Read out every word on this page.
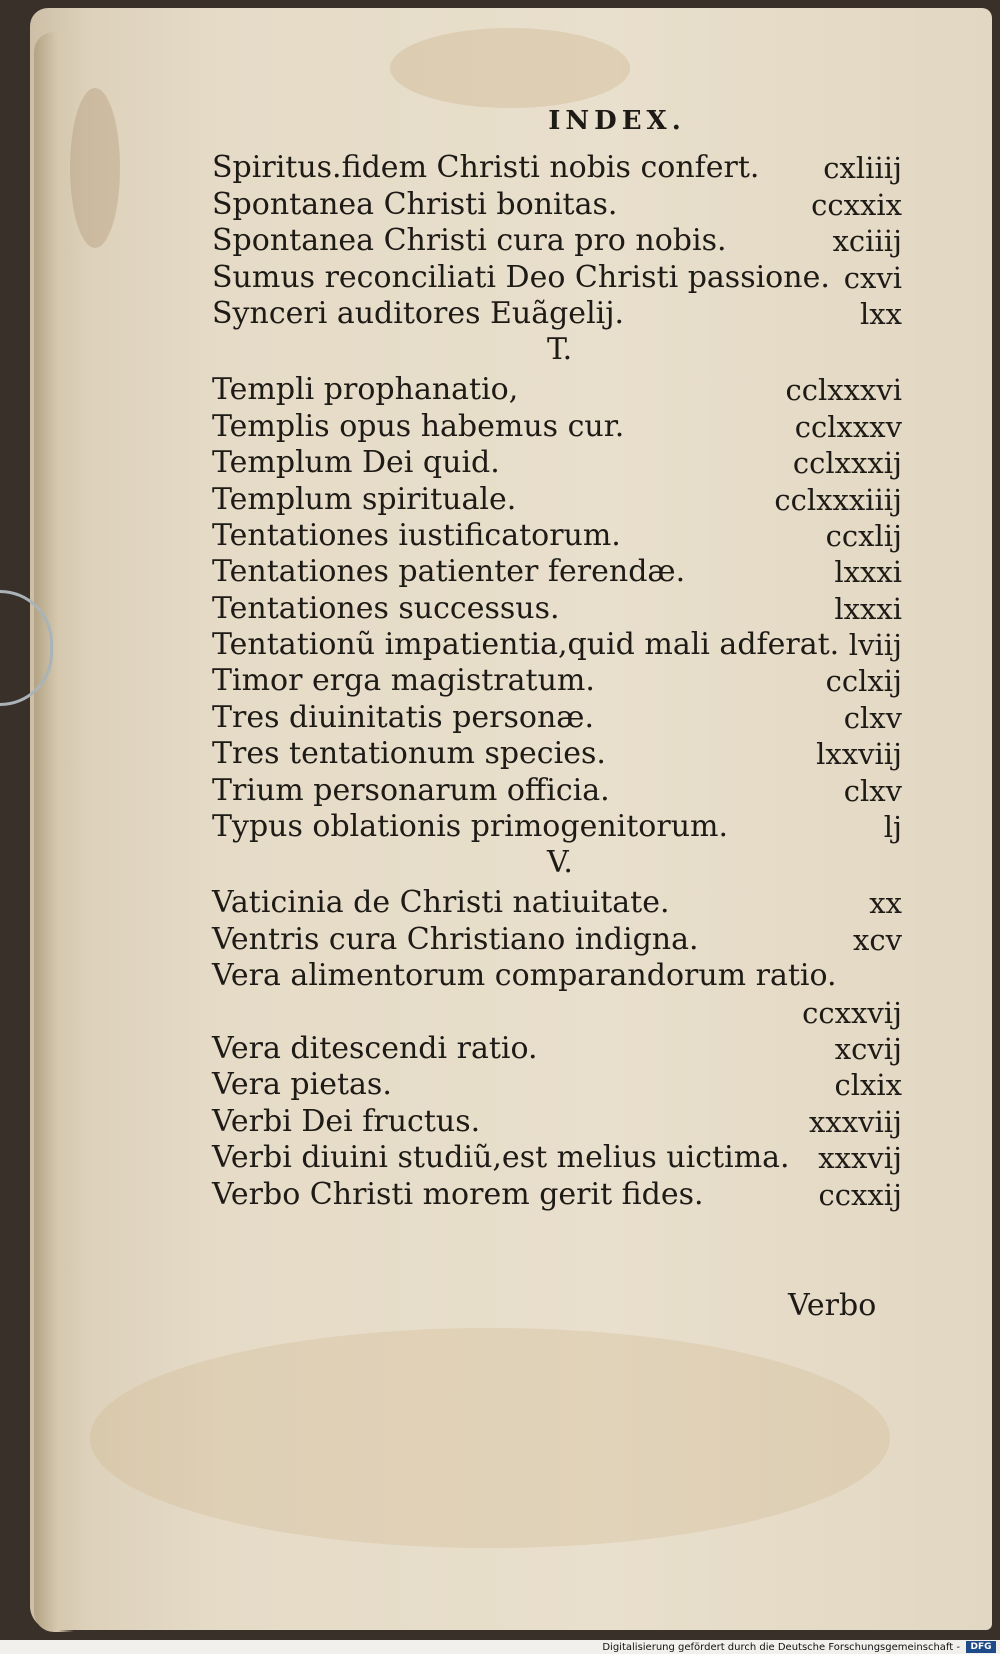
INDEX.
Spiritus.fidem Christi nobis confert. cxliiij
Spontanea Christi bonitas.	ccxxix
Spontanea Christi cura pro nobis.	xciiij
Sumus reconciliati Deo Christi passione. cxvi
Synceri auditores Euãgelij.	lxx
T.
Templi prophanatio,	cclxxxvi
Templis opus habemus cur.	cclxxxv
Templum Dei quid.	cclxxxij
Templum spirituale.	cclxxxiiij
Tentationes iustificatorum.	ccxlij
Tentationes patienter ferendæ.	lxxxi
Tentationes successus.	lxxxi
Tentationũ impatientia,quid mali adferat. lviij
Timor erga magistratum.	cclxij
Tres diuinitatis personæ.	clxv
Tres tentationum species.	lxxviij
Trium personarum officia.	clxv
Typus oblationis primogenitorum.	lj
V.
Vaticinia de Christi natiuitate.	xx
Ventris cura Christiano indigna.	xcv
Vera alimentorum comparandorum ratio.
ccxxvij
Vera ditescendi ratio.	xcvij
Vera pietas.	clxix
Verbi Dei fructus.	xxxviij
Verbi diuini studiũ,est melius uictima. xxxvij
Verbo Christi morem gerit fides.	ccxxij
Verbo
Digitalisierung gefördert durch die Deutsche Forschungsgemeinschaft -	DFG
